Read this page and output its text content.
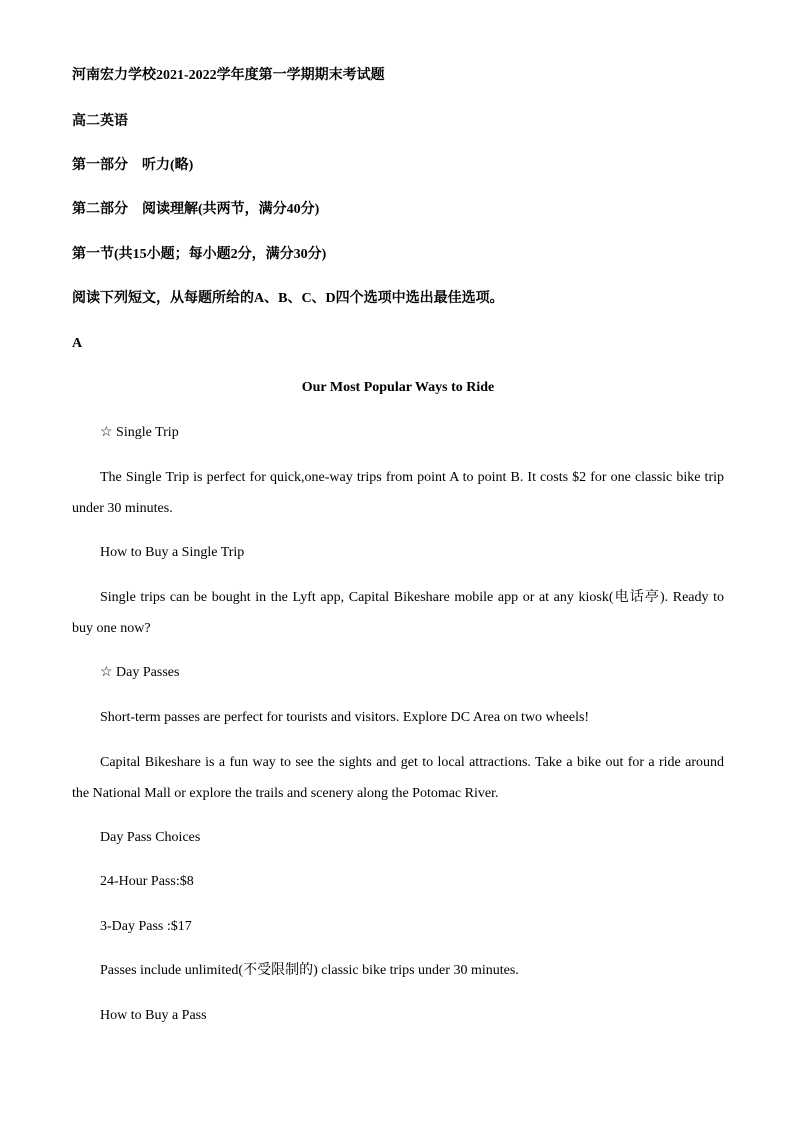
河南宏力学校2021-2022学年度第一学期期末考试题
高二英语
第一部分　听力(略)
第二部分　阅读理解(共两节，满分40分)
第一节(共15小题；每小题2分，满分30分)
阅读下列短文，从每题所给的A、B、C、D四个选项中选出最佳选项。
A
Our Most Popular Ways to Ride
☆ Single Trip
The Single Trip is perfect for quick,one-way trips from point A to point B. It costs $2 for one classic bike trip under 30 minutes.
How to Buy a Single Trip
Single trips can be bought in the Lyft app, Capital Bikeshare mobile app or at any kiosk(电话亭). Ready to buy one now?
☆ Day Passes
Short-term passes are perfect for tourists and visitors. Explore DC Area on two wheels!
Capital Bikeshare is a fun way to see the sights and get to local attractions. Take a bike out for a ride around the National Mall or explore the trails and scenery along the Potomac River.
Day Pass Choices
24-Hour Pass:$8
3-Day Pass :$17
Passes include unlimited(不受限制的) classic bike trips under 30 minutes.
How to Buy a Pass
